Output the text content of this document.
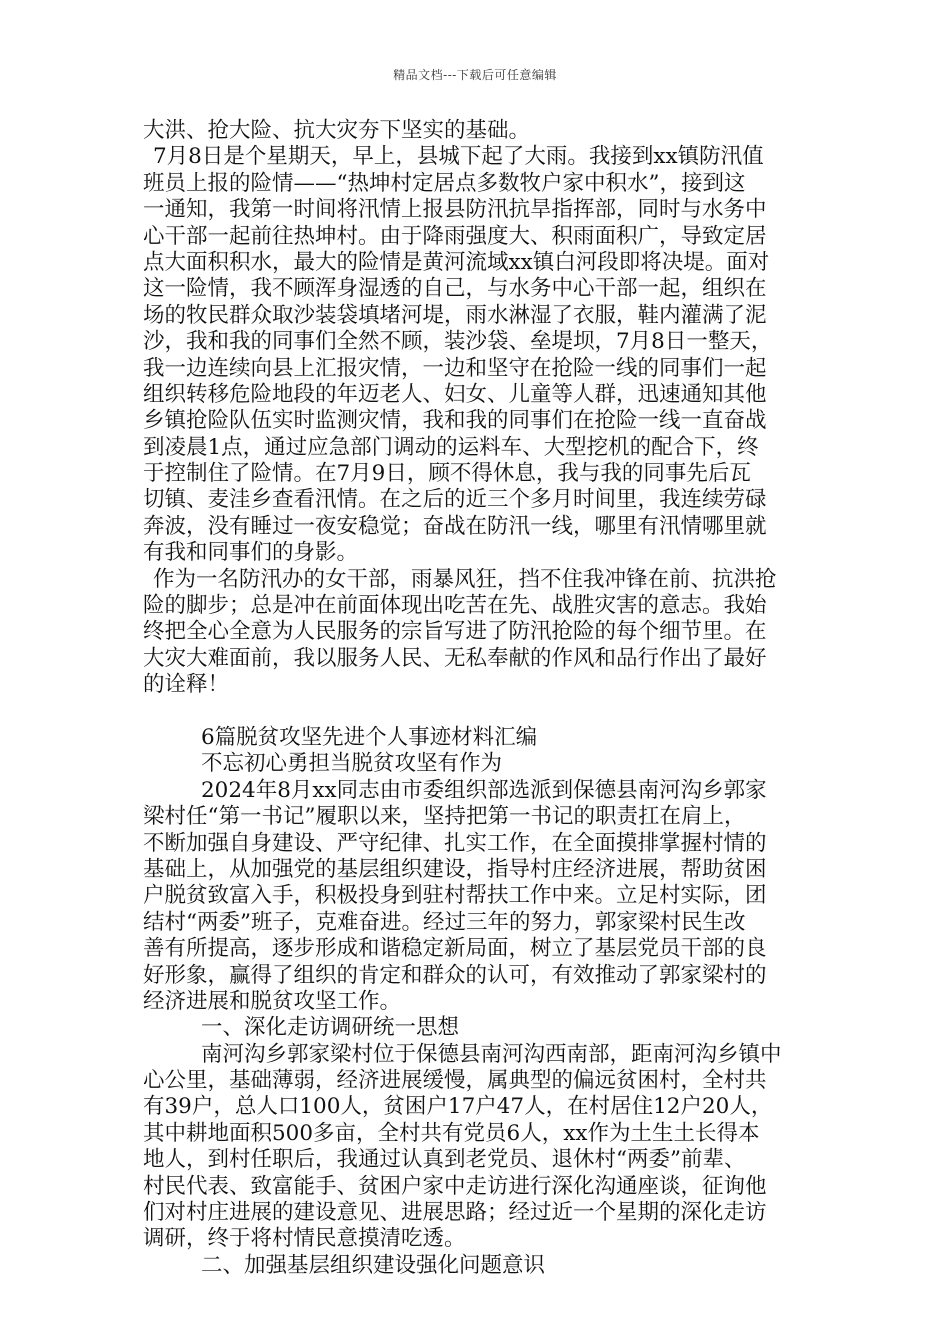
精品文档---下载后可任意编辑
大洪、抢大险、抗大灾夯下坚实的基础。
7月8日是个星期天，早上，县城下起了大雨。我接到xx镇防汛值
班员上报的险情——“热坤村定居点多数牧户家中积水”，接到这
一通知，我第一时间将汛情上报县防汛抗旱指挥部，同时与水务中
心干部一起前往热坤村。由于降雨强度大、积雨面积广，导致定居
点大面积积水，最大的险情是黄河流域xx镇白河段即将决堤。面对
这一险情，我不顾浑身湿透的自己，与水务中心干部一起，组织在
场的牧民群众取沙装袋填堵河堤，雨水淋湿了衣服，鞋内灌满了泥
沙，我和我的同事们全然不顾，装沙袋、垒堤坝，7月8日一整天，
我一边连续向县上汇报灾情，一边和坚守在抢险一线的同事们一起
组织转移危险地段的年迈老人、妇女、儿童等人群，迅速通知其他
乡镇抢险队伍实时监测灾情，我和我的同事们在抢险一线一直奋战
到凌晨1点，通过应急部门调动的运料车、大型挖机的配合下，终
于控制住了险情。在7月9日，顾不得休息，我与我的同事先后瓦
切镇、麦洼乡查看汛情。在之后的近三个多月时间里，我连续劳碌
奔波，没有睡过一夜安稳觉；奋战在防汛一线，哪里有汛情哪里就
有我和同事们的身影。
作为一名防汛办的女干部，雨暴风狂，挡不住我冲锋在前、抗洪抢
险的脚步；总是冲在前面体现出吃苦在先、战胜灾害的意志。我始
终把全心全意为人民服务的宗旨写进了防汛抢险的每个细节里。在
大灾大难面前，我以服务人民、无私奉献的作风和品行作出了最好
的诠释！
6篇脱贫攻坚先进个人事迹材料汇编
不忘初心勇担当脱贫攻坚有作为
2024年8月xx同志由市委组织部选派到保德县南河沟乡郭家
梁村任“第一书记”履职以来，坚持把第一书记的职责扛在肩上，
不断加强自身建设、严守纪律、扎实工作，在全面摸排掌握村情的
基础上，从加强党的基层组织建设，指导村庄经济进展，帮助贫困
户脱贫致富入手，积极投身到驻村帮扶工作中来。立足村实际，团
结村“两委”班子，克难奋进。经过三年的努力，郭家梁村民生改
善有所提高，逐步形成和谐稳定新局面，树立了基层党员干部的良
好形象，赢得了组织的肯定和群众的认可，有效推动了郭家梁村的
经济进展和脱贫攻坚工作。
一、深化走访调研统一思想
南河沟乡郭家梁村位于保德县南河沟西南部，距南河沟乡镇中
心公里，基础薄弱，经济进展缓慢，属典型的偏远贫困村，全村共
有39户，总人口100人，贫困户17户47人，在村居住12户20人，
其中耕地面积500多亩，全村共有党员6人，xx作为土生土长得本
地人，到村任职后，我通过认真到老党员、退休村“两委”前辈、
村民代表、致富能手、贫困户家中走访进行深化沟通座谈，征询他
们对村庄进展的建设意见、进展思路；经过近一个星期的深化走访
调研，终于将村情民意摸清吃透。
二、加强基层组织建设强化问题意识
